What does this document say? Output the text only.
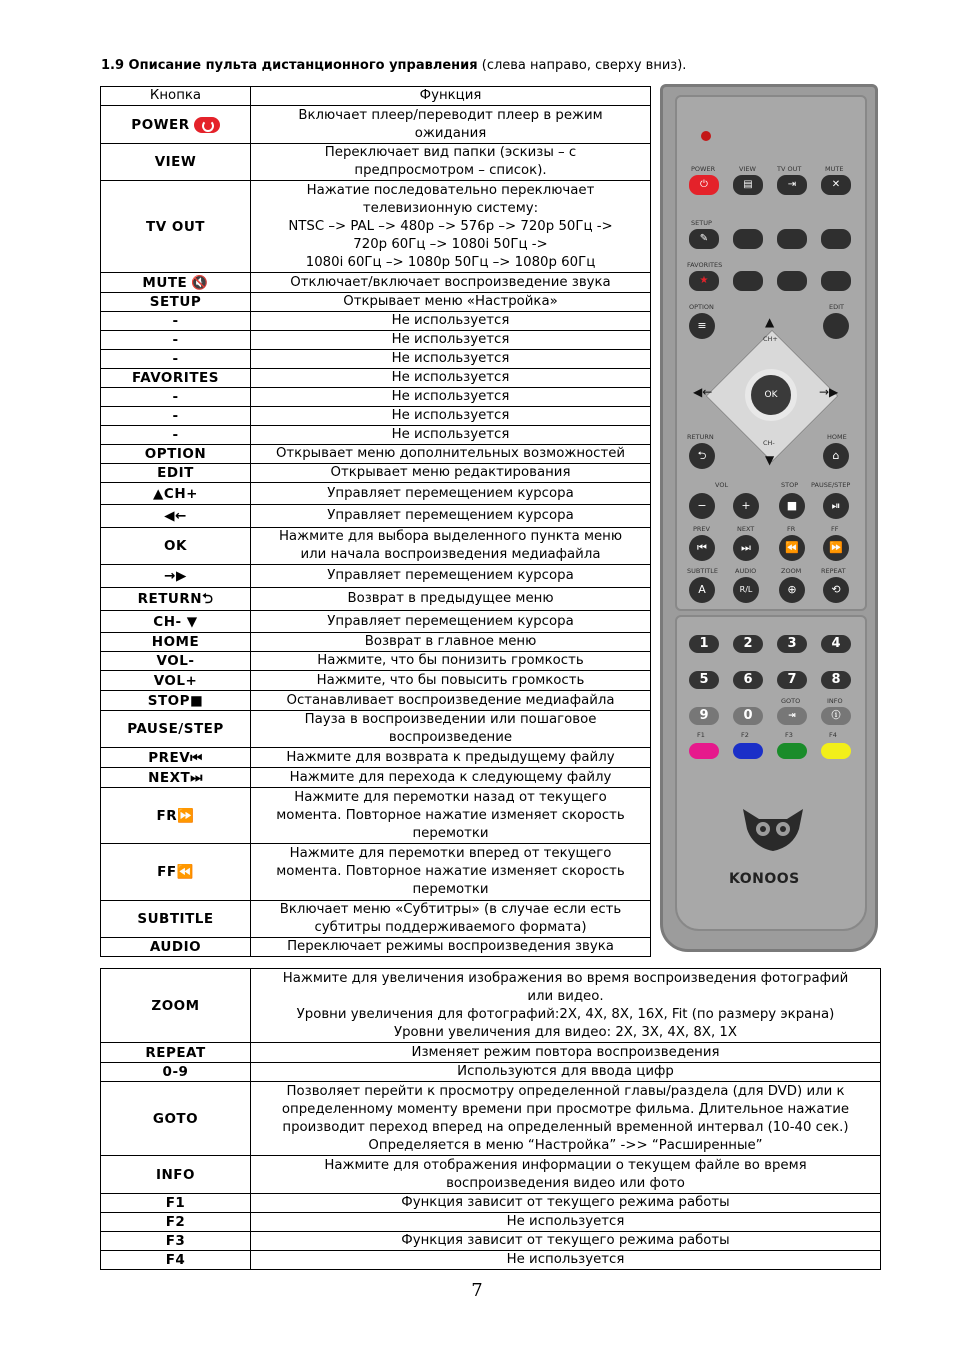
1.9 Описание пульта дистанционного управления (слева направо, сверху вниз).
Кнопка	Функция
POWER	Включает плеер/переводит плеер в режим
ожидания

VIEW	Переключает вид папки (эскизы – с
предпросмотром – список).

TV OUT	Нажатие последовательно переключает
телевизионную систему:
NTSC –> PAL –> 480p –> 576p –> 720p 50Гц ->
720p 60Гц –> 1080i 50Гц ->
1080i 60Гц –> 1080p 50Гц –> 1080p 60Гц

MUTE 🔇	Отключает/включает воспроизведение звука

SETUP	Открывает меню «Настройка»

-	Не используется

-	Не используется

-	Не используется

FAVORITES	Не используется

-	Не используется

-	Не используется

-	Не используется

OPTION	Открывает меню дополнительных возможностей

EDIT	Открывает меню редактирования

▲CH+	Управляет перемещением курсора

◀←	Управляет перемещением курсора

OK	Нажмите для выбора выделенного пункта меню
или начала воспроизведения медиафайла

→▶	Управляет перемещением курсора

RETURN⮌	Возврат в предыдущее меню

CH- ▼	Управляет перемещением курсора

HOME	Возврат в главное меню

VOL-	Нажмите, что бы понизить громкость

VOL+	Нажмите, что бы повысить громкость

STOP■	Останавливает воспроизведение медиафайла

PAUSE/STEP	Пауза в воспроизведении или пошаговое
воспроизведение

PREV⏮	Нажмите для возврата к предыдущему файлу

NEXT⏭	Нажмите для перехода к следующему файлу

FR⏩	Нажмите для перемотки назад от текущего
момента. Повторное нажатие изменяет скорость
перемотки

FF⏪	Нажмите для перемотки вперед от текущего
момента. Повторное нажатие изменяет скорость
перемотки

SUBTITLE	Включает меню «Субтитры» (в случае если есть
субтитры поддерживаемого формата)

AUDIO	Переключает режимы воспроизведения звука
ZOOM	Нажмите для увеличения изображения во время воспроизведения фотографий
или видео.
Уровни увеличения для фотографий:2X, 4X, 8X, 16X, Fit (по размеру экрана)
Уровни увеличения для видео: 2X, 3X, 4X, 8X, 1X

REPEAT	Изменяет режим повтора воспроизведения

0-9	Используются для ввода цифр

GOTO	Позволяет перейти к просмотру определенной главы/раздела (для DVD) или к
определенному моменту времени при просмотре фильма. Длительное нажатие
производит переход вперед на определенный временной интервал (10-40 сек.)
Определяется в меню “Настройка” ->> “Расширенные”

INFO	Нажмите для отображения информации о текущем файле во время
воспроизведения видео или фото

F1	Функция зависит от текущего режима работы

F2	Не используется

F3	Функция зависит от текущего режима работы

F4	Не используется
POWER	VIEW	TV OUT	MUTE
⏻	▤	⇥	✕
SETUP
✎
FAVORITES
★
OPTION	EDIT
≡
CH+
▲
▼
◀←	→▶
CH-
OK
RETURN	HOME
⮌	⌂
VOL	STOP PAUSE/STEP
−	+	■	⏯
PREV	NEXT	FR	FF
⏮	⏭	⏪	⏩
SUBTITLE	AUDIO	ZOOM	REPEAT
A	R/L	⊕	⟲
1	2	3	4
5	6	7	8
GOTO	INFO
9	0	⇥	ⓘ
F1	F2	F3	F4
KONOOS
7
